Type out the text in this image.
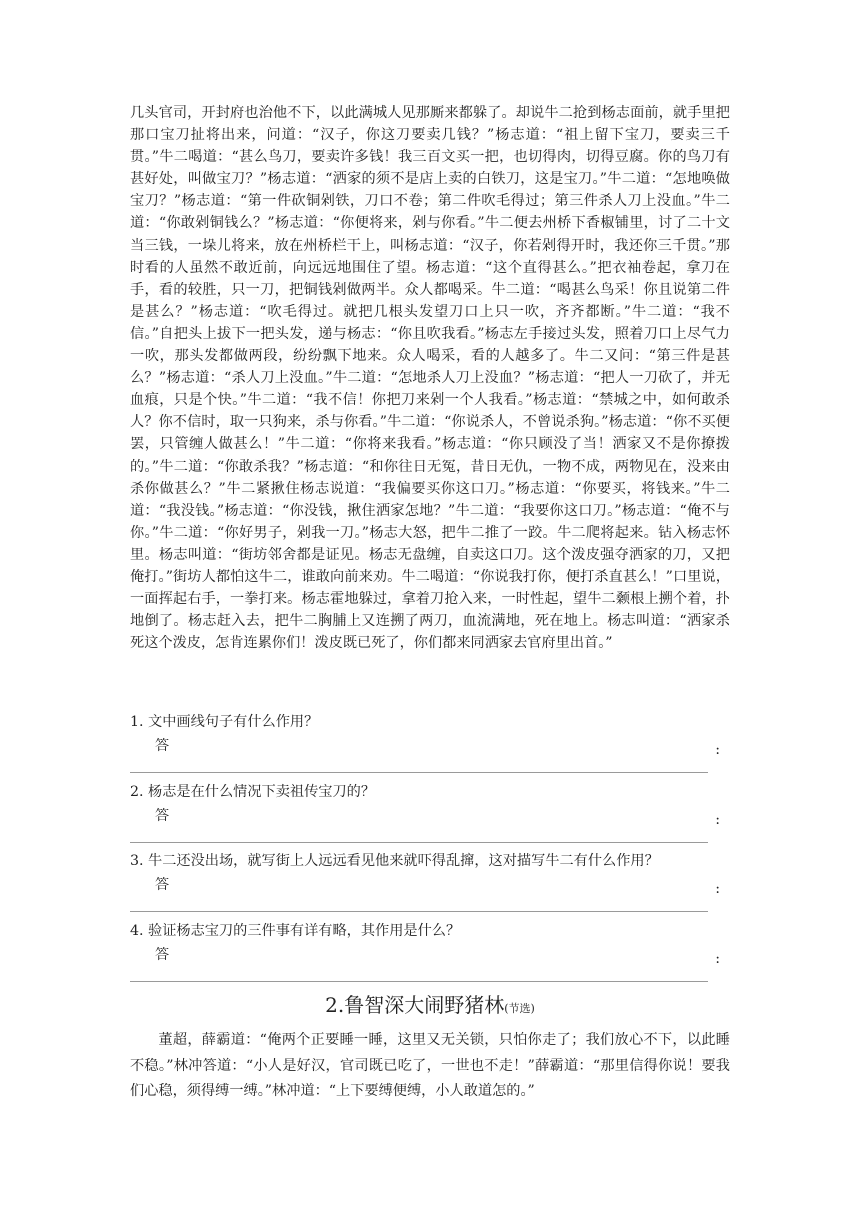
几头官司，开封府也治他不下，以此满城人见那厮来都躲了。却说牛二抢到杨志面前，就手里把那口宝刀扯将出来，问道：“汉子，你这刀要卖几钱？”杨志道：“祖上留下宝刀，要卖三千贯。”牛二喝道：“甚么鸟刀，要卖许多钱！我三百文买一把，也切得肉，切得豆腐。你的鸟刀有甚好处，叫做宝刀？”杨志道：“洒家的须不是店上卖的白铁刀，这是宝刀。”牛二道：“怎地唤做宝刀？”杨志道：“第一件砍铜剁铁，刀口不卷；第二件吹毛得过；第三件杀人刀上没血。”牛二道：“你敢剁铜钱么？”杨志道：“你便将来，剁与你看。”牛二便去州桥下香椒铺里，讨了二十文当三钱，一垛儿将来，放在州桥栏干上，叫杨志道：“汉子，你若剁得开时，我还你三千贯。”那时看的人虽然不敢近前，向远远地围住了望。杨志道：“这个直得甚么。”把衣袖卷起，拿刀在手，看的较胜，只一刀，把铜钱剁做两半。众人都喝采。牛二道：“喝甚么鸟采！你且说第二件是甚么？”杨志道：“吹毛得过。就把几根头发望刀口上只一吹，齐齐都断。”牛二道：“我不信。”自把头上拔下一把头发，递与杨志：“你且吹我看。”杨志左手接过头发，照着刀口上尽气力一吹，那头发都做两段，纷纷飘下地来。众人喝采，看的人越多了。牛二又问：“第三件是甚么？”杨志道：“杀人刀上没血。”牛二道：“怎地杀人刀上没血？”杨志道：“把人一刀砍了，并无血痕，只是个快。”牛二道：“我不信！你把刀来剁一个人我看。”杨志道：“禁城之中，如何敢杀人？你不信时，取一只狗来，杀与你看。”牛二道：“你说杀人，不曾说杀狗。”杨志道：“你不买便罢，只管缠人做甚么！”牛二道：“你将来我看。”杨志道：“你只顾没了当！洒家又不是你撩拨的。”牛二道：“你敢杀我？”杨志道：“和你往日无冤，昔日无仇，一物不成，两物见在，没来由杀你做甚么？”牛二紧揪住杨志说道：“我偏要买你这口刀。”杨志道：“你要买，将钱来。”牛二道：“我没钱。”杨志道：“你没钱，揪住洒家怎地？”牛二道：“我要你这口刀。”杨志道：“俺不与你。”牛二道：“你好男子，剁我一刀。”杨志大怒，把牛二推了一跤。牛二爬将起来。钻入杨志怀里。杨志叫道：“街坊邻舍都是证见。杨志无盘缠，自卖这口刀。这个泼皮强夺洒家的刀，又把俺打。”街坊人都怕这牛二，谁敢向前来劝。牛二喝道：“你说我打你，便打杀直甚么！”口里说，一面挥起右手，一拳打来。杨志霍地躲过，拿着刀抢入来，一时性起，望牛二颡根上搠个着，扑地倒了。杨志赶入去，把牛二胸脯上又连搠了两刀，血流满地，死在地上。杨志叫道：“洒家杀死这个泼皮，怎肯连累你们！泼皮既已死了，你们都来同洒家去官府里出首。”

1. 文中画线句子有什么作用？
答	:
2. 杨志是在什么情况下卖祖传宝刀的？
答	:
3. 牛二还没出场，就写街上人远远看见他来就吓得乱撺，这对描写牛二有什么作用？
答	:
4. 验证杨志宝刀的三件事有详有略，其作用是什么？
答	:
2.鲁智深大闹野猪林(节选)

董超，薛霸道：“俺两个正要睡一睡，这里又无关锁，只怕你走了；我们放心不下，以此睡不稳。”林冲答道：“小人是好汉，官司既已吃了，一世也不走！”薛霸道：“那里信得你说！要我们心稳，须得缚一缚。”林冲道：“上下要缚便缚，小人敢道怎的。”
